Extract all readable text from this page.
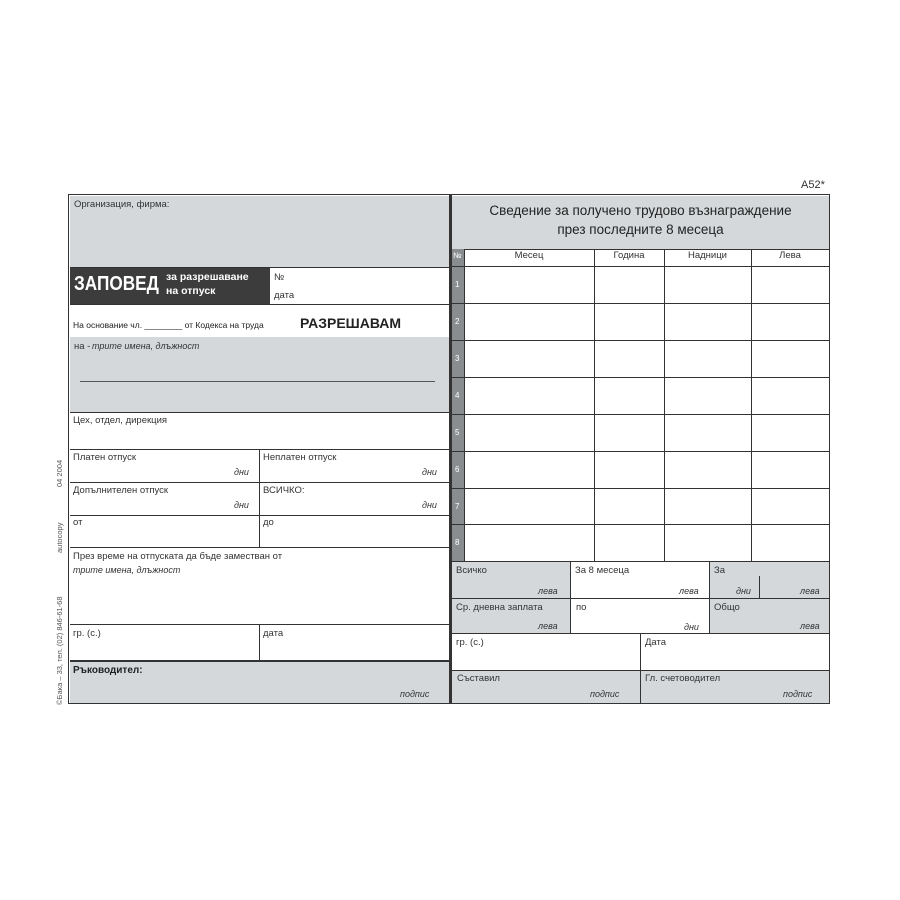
A52*
©Бака – 33, тел. (02) 846-61-68
autocopy
04 2004
Организация, фирма:
ЗАПОВЕД за разрешаване
на отпуск
№
дата
На основание чл. ________ от Кодекса на труда	РАЗРЕШАВАМ
на - трите имена, длъжност
Цех, отдел, дирекция
Платен отпуск
дни
Неплатен отпуск
дни
Допълнителен отпуск
дни
ВСИЧКО:
дни
от	до
През време на отпуската да бъде заместван от
трите имена, длъжност
гр. (с.)	дата
Ръководител:
подпис
Сведение за получено трудово възнаграждение
през последните 8 месеца
№	Месец	Година	Надници	Лева
1
2
3
4
5
6
7
8
Всичко
лева
За 8 месеца
лева
За
дни	лева
Ср. дневна заплата
лева
по
дни
Общо
лева
гр. (с.)	Дата
Съставил
подпис
Гл. счетоводител
подпис
